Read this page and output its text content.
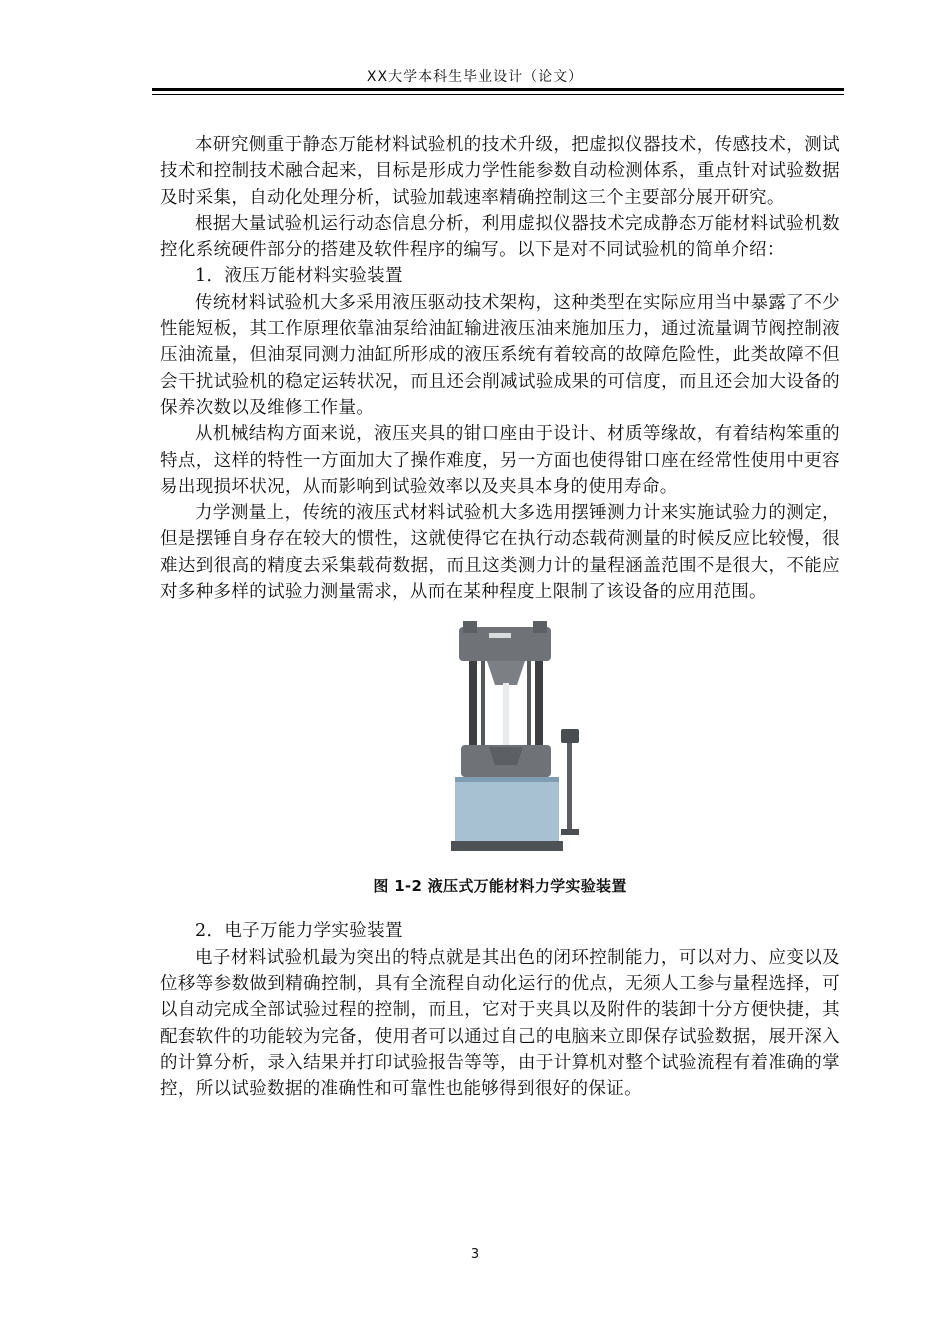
XX大学本科生毕业设计（论文）

本研究侧重于静态万能材料试验机的技术升级，把虚拟仪器技术，传感技术，测试技术和控制技术融合起来，目标是形成力学性能参数自动检测体系，重点针对试验数据及时采集，自动化处理分析，试验加载速率精确控制这三个主要部分展开研究。

根据大量试验机运行动态信息分析，利用虚拟仪器技术完成静态万能材料试验机数控化系统硬件部分的搭建及软件程序的编写。以下是对不同试验机的简单介绍：

1．液压万能材料实验装置

传统材料试验机大多采用液压驱动技术架构，这种类型在实际应用当中暴露了不少性能短板，其工作原理依靠油泵给油缸输进液压油来施加压力，通过流量调节阀控制液压油流量，但油泵同测力油缸所形成的液压系统有着较高的故障危险性，此类故障不但会干扰试验机的稳定运转状况，而且还会削减试验成果的可信度，而且还会加大设备的保养次数以及维修工作量。

从机械结构方面来说，液压夹具的钳口座由于设计、材质等缘故，有着结构笨重的特点，这样的特性一方面加大了操作难度，另一方面也使得钳口座在经常性使用中更容易出现损坏状况，从而影响到试验效率以及夹具本身的使用寿命。

力学测量上，传统的液压式材料试验机大多选用摆锤测力计来实施试验力的测定，但是摆锤自身存在较大的惯性，这就使得它在执行动态载荷测量的时候反应比较慢，很难达到很高的精度去采集载荷数据，而且这类测力计的量程涵盖范围不是很大，不能应对多种多样的试验力测量需求，从而在某种程度上限制了该设备的应用范围。

图 1-2 液压式万能材料力学实验装置

2．电子万能力学实验装置

电子材料试验机最为突出的特点就是其出色的闭环控制能力，可以对力、应变以及位移等参数做到精确控制，具有全流程自动化运行的优点，无须人工参与量程选择，可以自动完成全部试验过程的控制，而且，它对于夹具以及附件的装卸十分方便快捷，其配套软件的功能较为完备，使用者可以通过自己的电脑来立即保存试验数据，展开深入的计算分析，录入结果并打印试验报告等等，由于计算机对整个试验流程有着准确的掌控，所以试验数据的准确性和可靠性也能够得到很好的保证。

3
